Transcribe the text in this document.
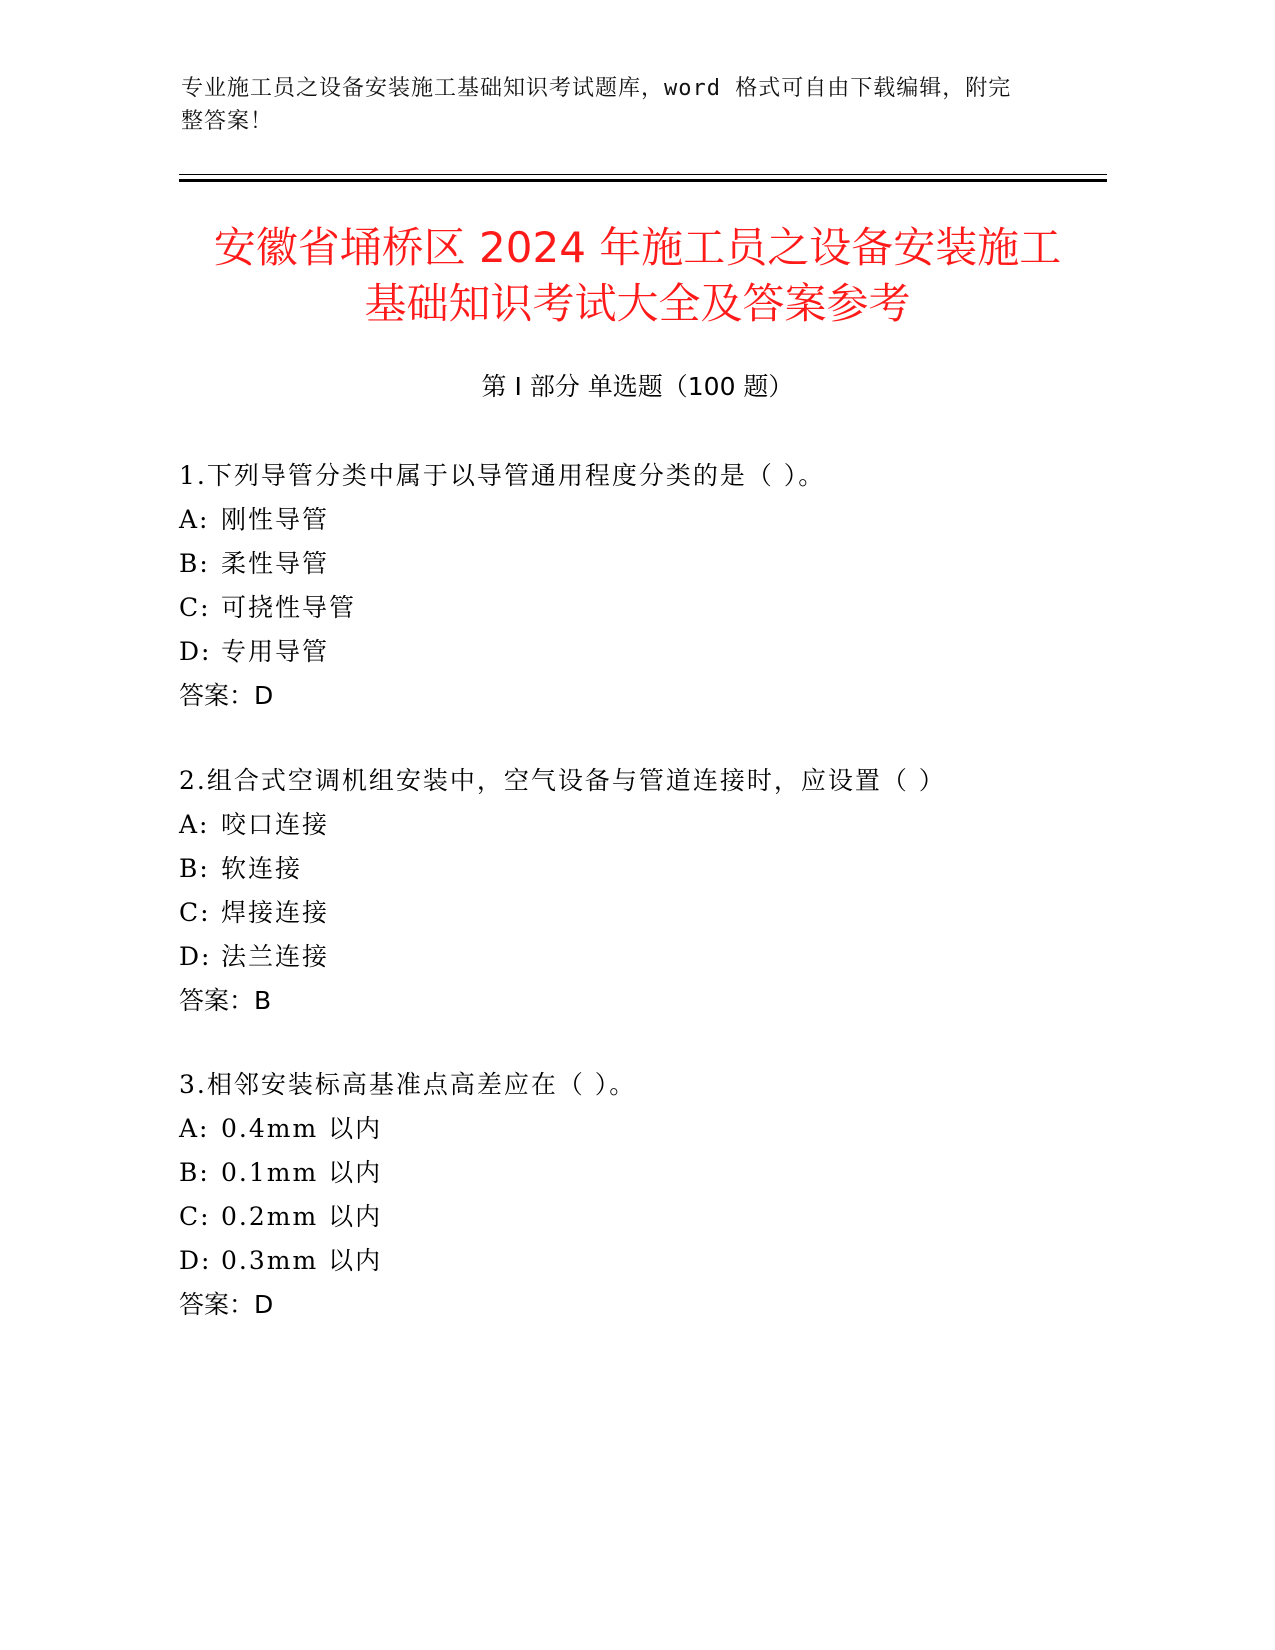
专业施工员之设备安装施工基础知识考试题库，word 格式可自由下载编辑，附完整答案！
安徽省埇桥区 2024 年施工员之设备安装施工
基础知识考试大全及答案参考
第 I 部分 单选题（100 题）
1.下列导管分类中属于以导管通用程度分类的是（ ）。
A: 刚性导管
B: 柔性导管
C: 可挠性导管
D: 专用导管
答案：D
2.组合式空调机组安装中，空气设备与管道连接时，应设置（ ）
A: 咬口连接
B: 软连接
C: 焊接连接
D: 法兰连接
答案：B
3.相邻安装标高基准点高差应在（ ）。
A: 0.4mm 以内
B: 0.1mm 以内
C: 0.2mm 以内
D: 0.3mm 以内
答案：D
